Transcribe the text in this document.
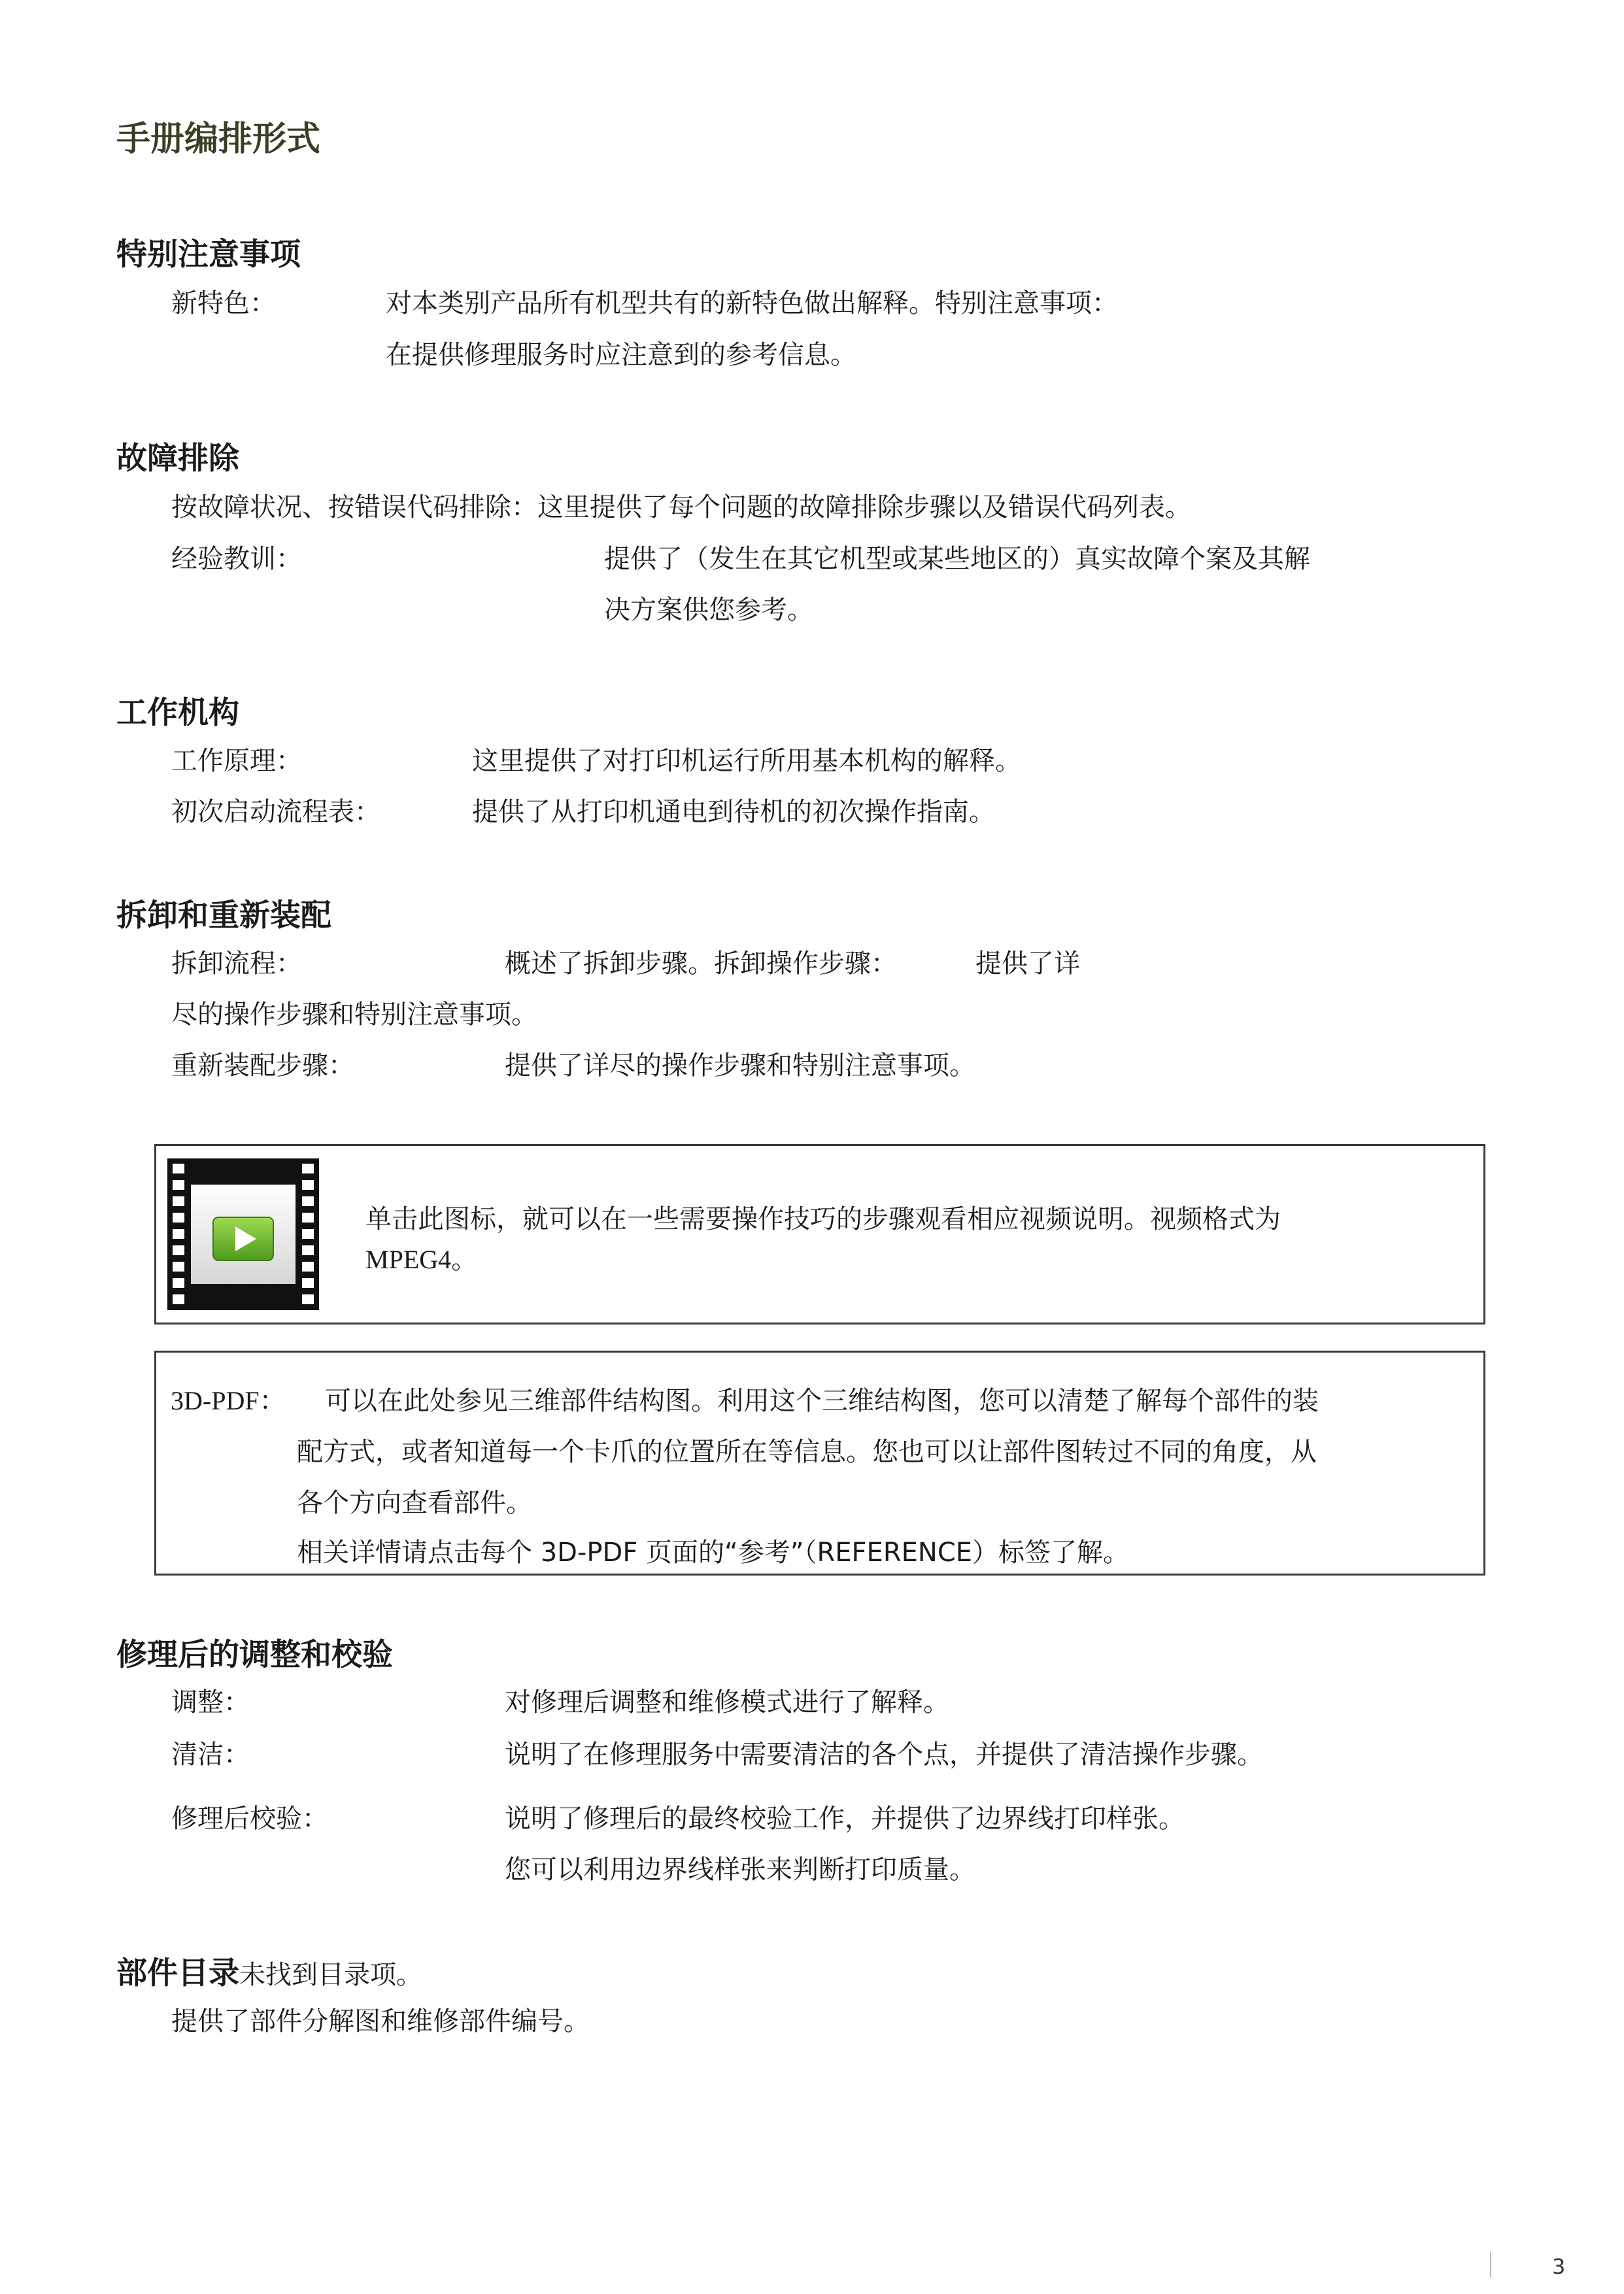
手册编排形式
特别注意事项
新特色：	对本类别产品所有机型共有的新特色做出解释。特别注意事项：
在提供修理服务时应注意到的参考信息。
故障排除
按故障状况、按错误代码排除：这里提供了每个问题的故障排除步骤以及错误代码列表。
经验教训：	提供了（发生在其它机型或某些地区的）真实故障个案及其解
决方案供您参考。
工作机构
工作原理：	这里提供了对打印机运行所用基本机构的解释。
初次启动流程表：	提供了从打印机通电到待机的初次操作指南。
拆卸和重新装配
拆卸流程：	概述了拆卸步骤。拆卸操作步骤：	提供了详
尽的操作步骤和特别注意事项。
重新装配步骤：	提供了详尽的操作步骤和特别注意事项。
单击此图标，就可以在一些需要操作技巧的步骤观看相应视频说明。视频格式为
MPEG4。
3D-PDF： 可以在此处参见三维部件结构图。利用这个三维结构图，您可以清楚了解每个部件的装
配方式，或者知道每一个卡爪的位置所在等信息。您也可以让部件图转过不同的角度，从
各个方向查看部件。
相关详情请点击每个 3D-PDF 页面的“参考”（REFERENCE）标签了解。
修理后的调整和校验
调整：	对修理后调整和维修模式进行了解释。
清洁：	说明了在修理服务中需要清洁的各个点，并提供了清洁操作步骤。
修理后校验：	说明了修理后的最终校验工作，并提供了边界线打印样张。
您可以利用边界线样张来判断打印质量。
部件目录未找到目录项。
提供了部件分解图和维修部件编号。
3
